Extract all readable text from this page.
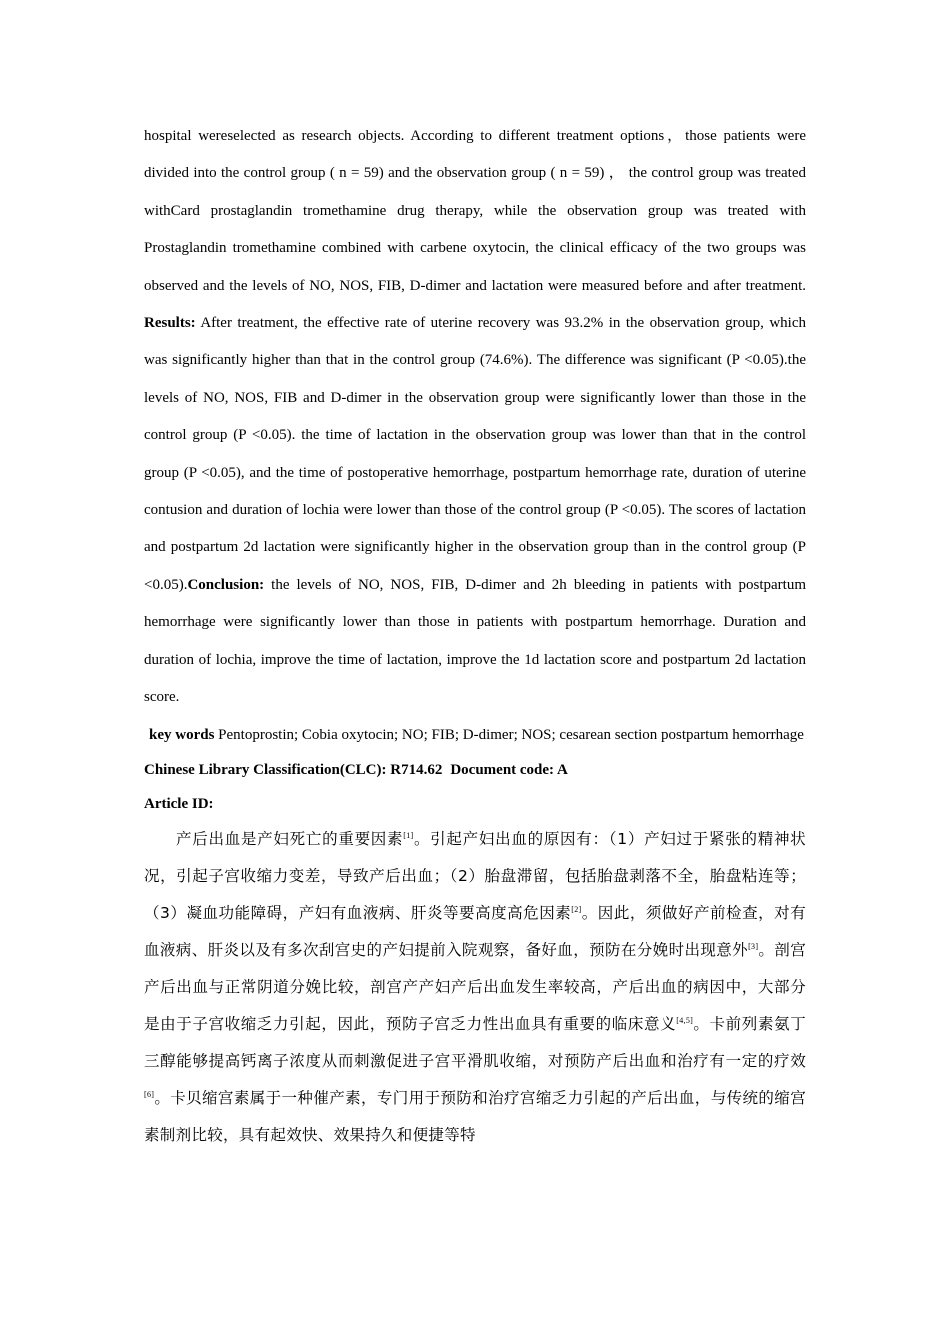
hospital wereselected as research objects. According to different treatment options，those patients were divided into the control group ( n = 59) and the observation group ( n = 59) ， the control group was treated withCard prostaglandin tromethamine drug therapy, while the observation group was treated with Prostaglandin tromethamine combined with carbene oxytocin, the clinical efficacy of the two groups was observed and the levels of NO, NOS, FIB, D-dimer and lactation were measured before and after treatment. Results: After treatment, the effective rate of uterine recovery was 93.2% in the observation group, which was significantly higher than that in the control group (74.6%). The difference was significant (P <0.05).the levels of NO, NOS, FIB and D-dimer in the observation group were significantly lower than those in the control group (P <0.05). the time of lactation in the observation group was lower than that in the control group (P <0.05), and the time of postoperative hemorrhage, postpartum hemorrhage rate, duration of uterine contusion and duration of lochia were lower than those of the control group (P <0.05). The scores of lactation and postpartum 2d lactation were significantly higher in the observation group than in the control group (P <0.05).Conclusion: the levels of NO, NOS, FIB, D-dimer and 2h bleeding in patients with postpartum hemorrhage were significantly lower than those in patients with postpartum hemorrhage. Duration and duration of lochia, improve the time of lactation, improve the 1d lactation score and postpartum 2d lactation score.

key words Pentoprostin; Cobia oxytocin; NO; FIB; D-dimer; NOS; cesarean section postpartum hemorrhage

Chinese Library Classification(CLC): R714.62 Document code: A

Article ID:

产后出血是产妇死亡的重要因素[1]。引起产妇出血的原因有：（1）产妇过于紧张的精神状况，引起子宫收缩力变差，导致产后出血；（2）胎盘滞留，包括胎盘剥落不全，胎盘粘连等；（3）凝血功能障碍，产妇有血液病、肝炎等要高度高危因素[2]。因此，须做好产前检查，对有血液病、肝炎以及有多次刮宫史的产妇提前入院观察，备好血，预防在分娩时出现意外[3]。剖宫产后出血与正常阴道分娩比较，剖宫产产妇产后出血发生率较高，产后出血的病因中，大部分是由于子宫收缩乏力引起，因此，预防子宫乏力性出血具有重要的临床意义[4,5]。卡前列素氨丁三醇能够提高钙离子浓度从而刺激促进子宫平滑肌收缩，对预防产后出血和治疗有一定的疗效[6]。卡贝缩宫素属于一种催产素，专门用于预防和治疗宫缩乏力引起的产后出血，与传统的缩宫素制剂比较，具有起效快、效果持久和便捷等特
